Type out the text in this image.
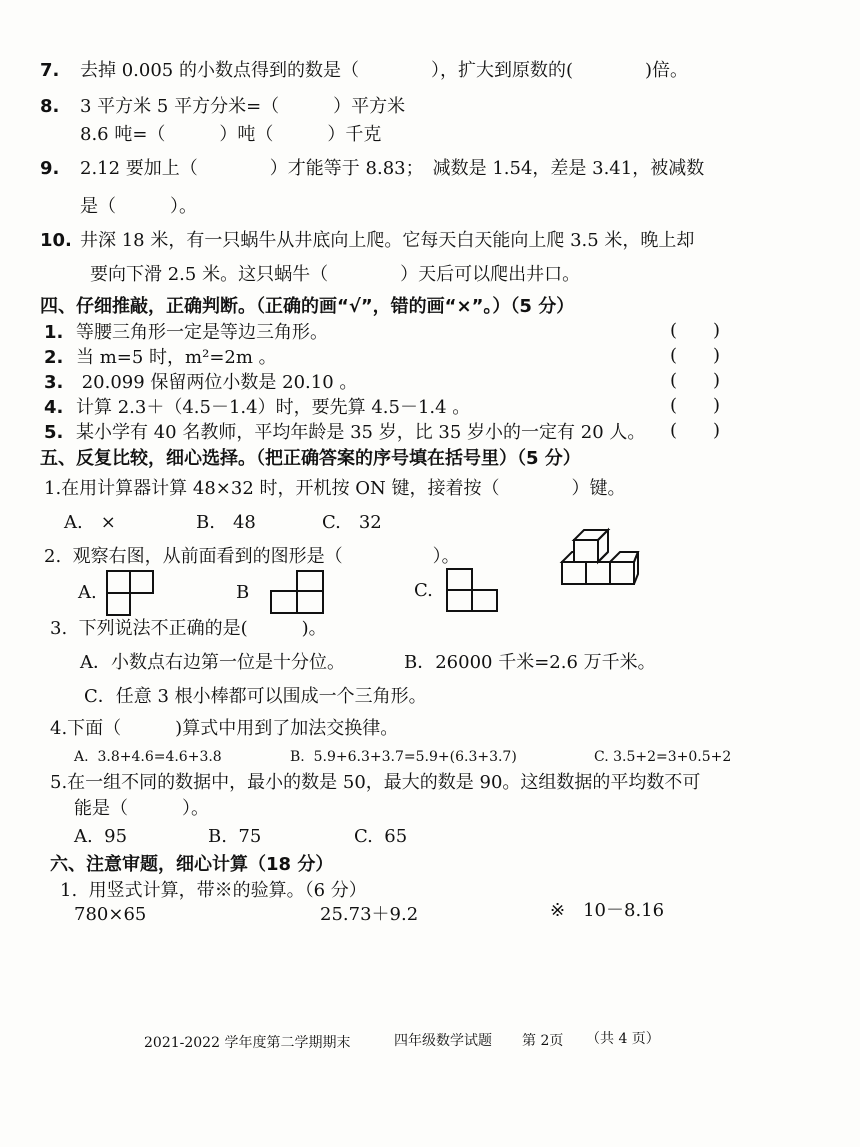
7. 去掉 0.005 的小数点得到的数是（　　　　），扩大到原数的(　　　　)倍。
8. 3 平方米 5 平方分米=（　　　）平方米
8.6 吨=（　　　）吨（　　　）千克
9. 2.12 要加上（　　　　）才能等于 8.83；　减数是 1.54，差是 3.41，被减数
是（　　　）。
10. 井深 18 米，有一只蜗牛从井底向上爬。它每天白天能向上爬 3.5 米，晚上却
要向下滑 2.5 米。这只蜗牛（　　　　）天后可以爬出井口。
四、仔细推敲，正确判断。（正确的画“√”，错的画“×”。）（5 分）
1. 等腰三角形一定是等边三角形。	(　　)
2. 当 m=5 时，m²=2m 。	(　　)
3. 20.099 保留两位小数是 20.10 。	(　　)
4. 计算 2.3＋（4.5－1.4）时，要先算 4.5－1.4 。	(　　)
5. 某小学有 40 名教师，平均年龄是 35 岁，比 35 岁小的一定有 20 人。 (　　)
五、反复比较，细心选择。（把正确答案的序号填在括号里）（5 分）
1.在用计算器计算 48×32 时，开机按 ON 键，接着按（　　　　）键。
A.　×	B.　48	C.　32
2.  观察右图，从前面看到的图形是（　　　　　）。
A.	B	C.
3.  下列说法不正确的是(　　　)。
A．小数点右边第一位是十分位。	B．26000 千米=2.6 万千米。
C．任意 3 根小棒都可以围成一个三角形。
4.下面（　　　)算式中用到了加法交换律。
A.  3.8+4.6=4.6+3.8	B.  5.9+6.3+3.7=5.9+(6.3+3.7)	C. 3.5+2=3+0.5+2
5.在一组不同的数据中，最小的数是 50，最大的数是 90。这组数据的平均数不可
能是（　　　）。
A.  95	B.  75	C.  65
六、注意审题，细心计算（18 分）
1.  用竖式计算，带※的验算。（6 分）
780×65	25.73＋9.2	※　10－8.16
2021-2022 学年度第二学期期末	四年级数学试题 第 2页 （共 4 页）
